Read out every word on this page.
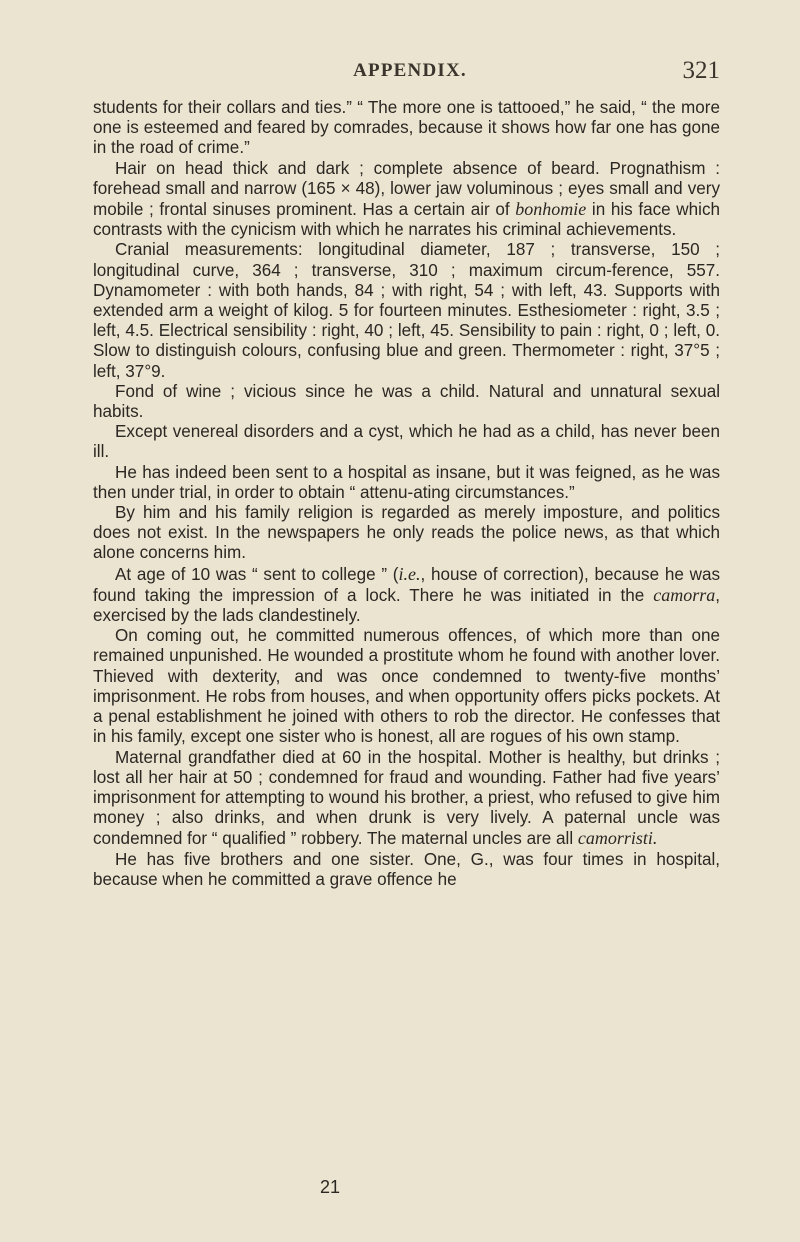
APPENDIX.	321

students for their collars and ties.” “ The more one is tattooed,” he said, “ the more one is esteemed and feared by comrades, because it shows how far one has gone in the road of crime.”

Hair on head thick and dark ; complete absence of beard. Prognathism : forehead small and narrow (165 × 48), lower jaw voluminous ; eyes small and very mobile ; frontal sinuses prominent. Has a certain air of bonhomie in his face which contrasts with the cynicism with which he narrates his criminal achievements.

Cranial measurements: longitudinal diameter, 187 ; transverse, 150 ; longitudinal curve, 364 ; transverse, 310 ; maximum circum-ference, 557. Dynamometer : with both hands, 84 ; with right, 54 ; with left, 43. Supports with extended arm a weight of kilog. 5 for fourteen minutes. Esthesiometer : right, 3.5 ; left, 4.5. Electrical sensibility : right, 40 ; left, 45. Sensibility to pain : right, 0 ; left, 0. Slow to distinguish colours, confusing blue and green. Thermometer : right, 37°5 ; left, 37°9.

Fond of wine ; vicious since he was a child. Natural and unnatural sexual habits.

Except venereal disorders and a cyst, which he had as a child, has never been ill.

He has indeed been sent to a hospital as insane, but it was feigned, as he was then under trial, in order to obtain “ attenu-ating circumstances.”

By him and his family religion is regarded as merely imposture, and politics does not exist. In the newspapers he only reads the police news, as that which alone concerns him.

At age of 10 was “ sent to college ” (i.e., house of correction), because he was found taking the impression of a lock. There he was initiated in the camorra, exercised by the lads clandestinely.

On coming out, he committed numerous offences, of which more than one remained unpunished. He wounded a prostitute whom he found with another lover. Thieved with dexterity, and was once condemned to twenty-five months’ imprisonment. He robs from houses, and when opportunity offers picks pockets. At a penal establishment he joined with others to rob the director. He confesses that in his family, except one sister who is honest, all are rogues of his own stamp.

Maternal grandfather died at 60 in the hospital. Mother is healthy, but drinks ; lost all her hair at 50 ; condemned for fraud and wounding. Father had five years’ imprisonment for attempting to wound his brother, a priest, who refused to give him money ; also drinks, and when drunk is very lively. A paternal uncle was condemned for “ qualified ” robbery. The maternal uncles are all camorristi.

He has five brothers and one sister. One, G., was four times in hospital, because when he committed a grave offence he

21
